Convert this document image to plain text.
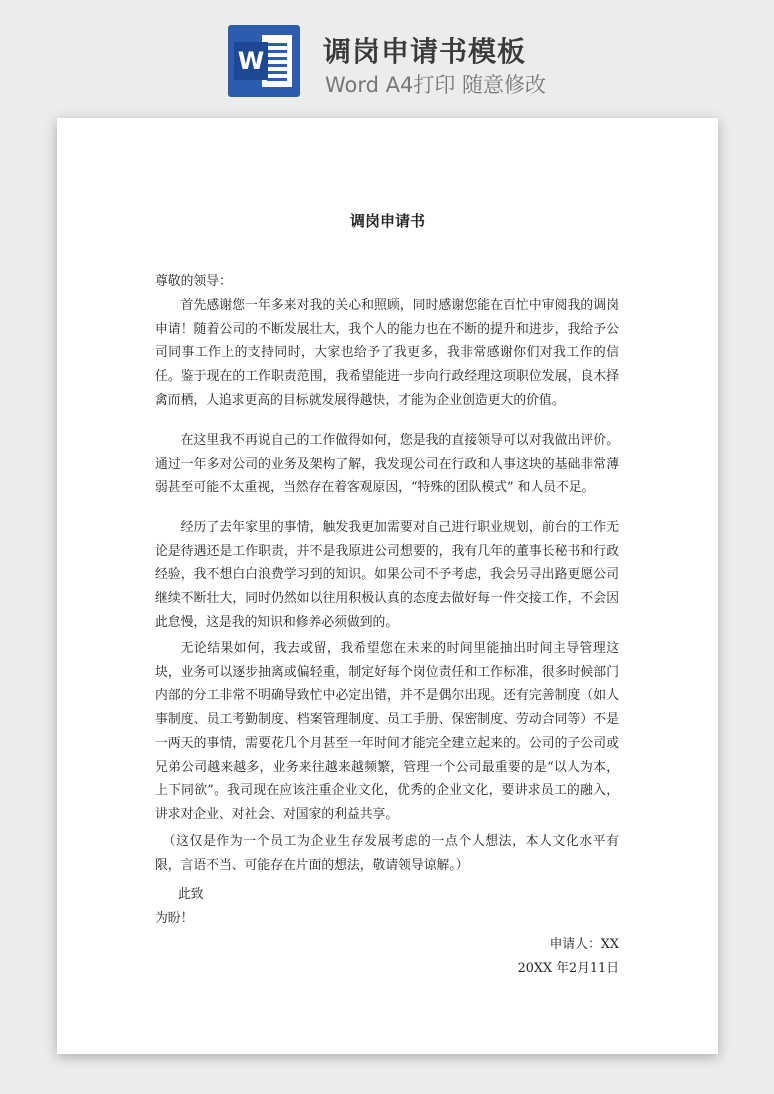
W 调岗申请书模板
Word A4打印 随意修改
调岗申请书
尊敬的领导：

首先感谢您一年多来对我的关心和照顾，同时感谢您能在百忙中审阅我的调岗申请！随着公司的不断发展壮大，我个人的能力也在不断的提升和进步，我给予公司同事工作上的支持同时，大家也给予了我更多，我非常感谢你们对我工作的信任。鉴于现在的工作职责范围，我希望能进一步向行政经理这项职位发展，良木择禽而栖，人追求更高的目标就发展得越快，才能为企业创造更大的价值。

在这里我不再说自己的工作做得如何，您是我的直接领导可以对我做出评价。通过一年多对公司的业务及架构了解，我发现公司在行政和人事这块的基础非常薄弱甚至可能不太重视，当然存在着客观原因，“特殊的团队模式” 和人员不足。

经历了去年家里的事情，触发我更加需要对自己进行职业规划，前台的工作无论是待遇还是工作职责，并不是我原进公司想要的，我有几年的董事长秘书和行政经验，我不想白白浪费学习到的知识。如果公司不予考虑，我会另寻出路更愿公司继续不断壮大，同时仍然如以往用积极认真的态度去做好每一件交接工作，不会因此怠慢，这是我的知识和修养必须做到的。

无论结果如何，我去或留，我希望您在未来的时间里能抽出时间主导管理这块，业务可以逐步抽离或偏轻重，制定好每个岗位责任和工作标准，很多时候部门内部的分工非常不明确导致忙中必定出错，并不是偶尔出现。还有完善制度（如人事制度、员工考勤制度、档案管理制度、员工手册、保密制度、劳动合同等）不是一两天的事情，需要花几个月甚至一年时间才能完全建立起来的。公司的子公司或兄弟公司越来越多，业务来往越来越频繁，管理一个公司最重要的是“以人为本，上下同欲”。我司现在应该注重企业文化，优秀的企业文化，要讲求员工的融入，讲求对企业、对社会、对国家的利益共享。

（这仅是作为一个员工为企业生存发展考虑的一点个人想法，本人文化水平有限，言语不当、可能存在片面的想法，敬请领导谅解。）

此致
为盼！
申请人：XX
20XX 年2月11日
